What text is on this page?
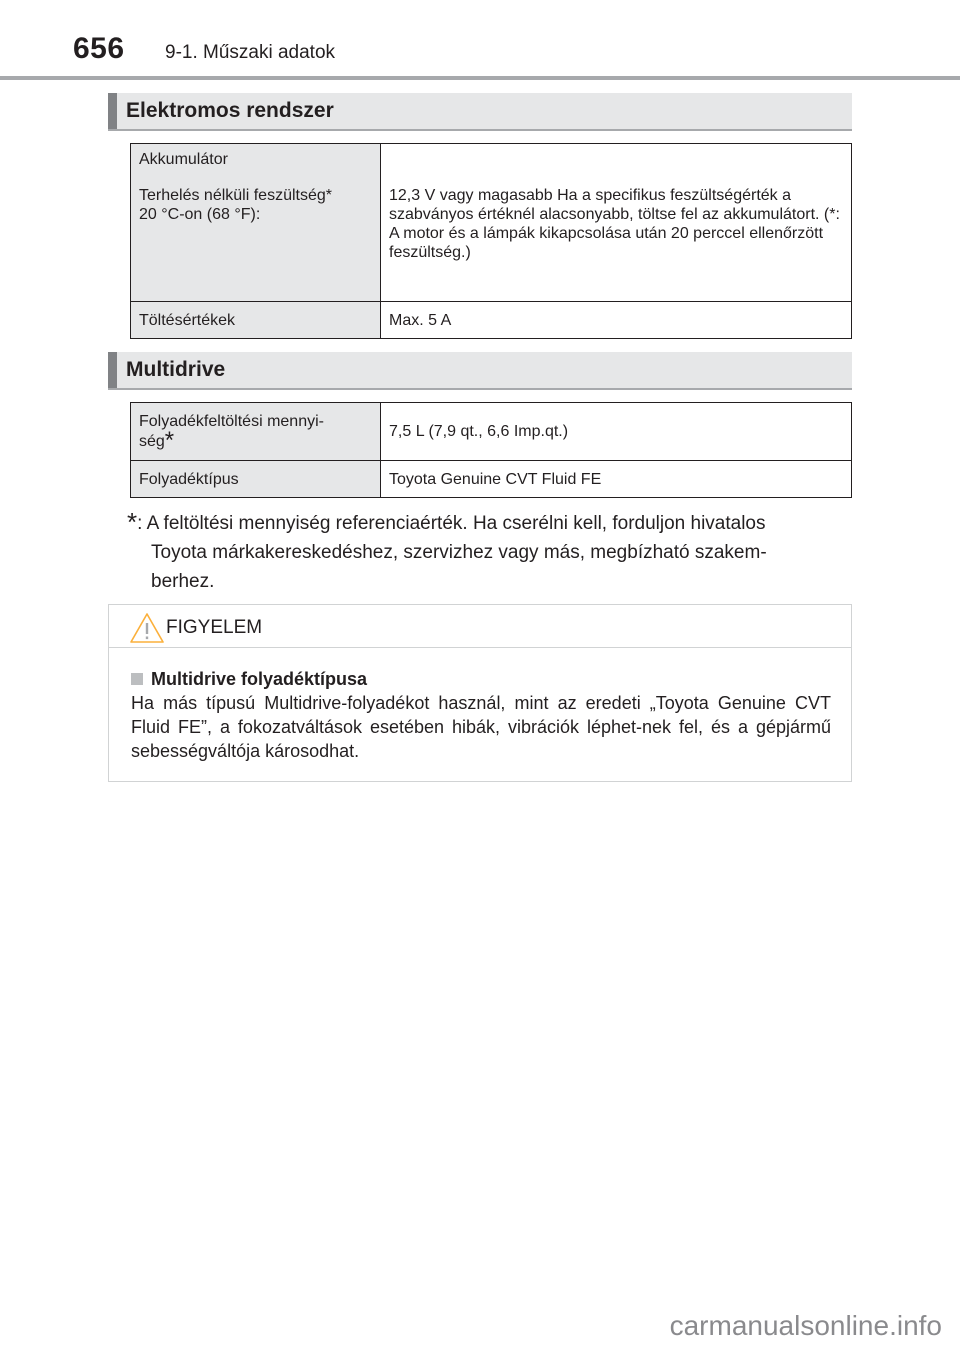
656 9-1. Műszaki adatok
Elektromos rendszer
Akkumulátor
Terhelés nélküli feszültség*
20 °C-on (68 °F):	12,3 V vagy magasabb Ha a specifikus feszültségérték a szabványos értéknél alacsonyabb, töltse fel az akkumulátort. (*: A motor és a lámpák kikapcsolása után 20 perccel ellenőrzött feszültség.)
Töltésértékek	Max. 5 A
Multidrive
Folyadékfeltöltési mennyi-
ség*	7,5 L (7,9 qt., 6,6 Imp.qt.)
Folyadéktípus	Toyota Genuine CVT Fluid FE
*: A feltöltési mennyiség referenciaérték. Ha cserélni kell, forduljon hivatalos
Toyota márkakereskedéshez, szervizhez vagy más, megbízható szakem-
berhez.
FIGYELEM
Multidrive folyadéktípusa
Ha más típusú Multidrive-folyadékot használ, mint az eredeti „Toyota Genuine CVT Fluid FE”, a fokozatváltások esetében hibák, vibrációk léphet-nek fel, és a gépjármű sebességváltója károsodhat.
carmanualsonline.info
